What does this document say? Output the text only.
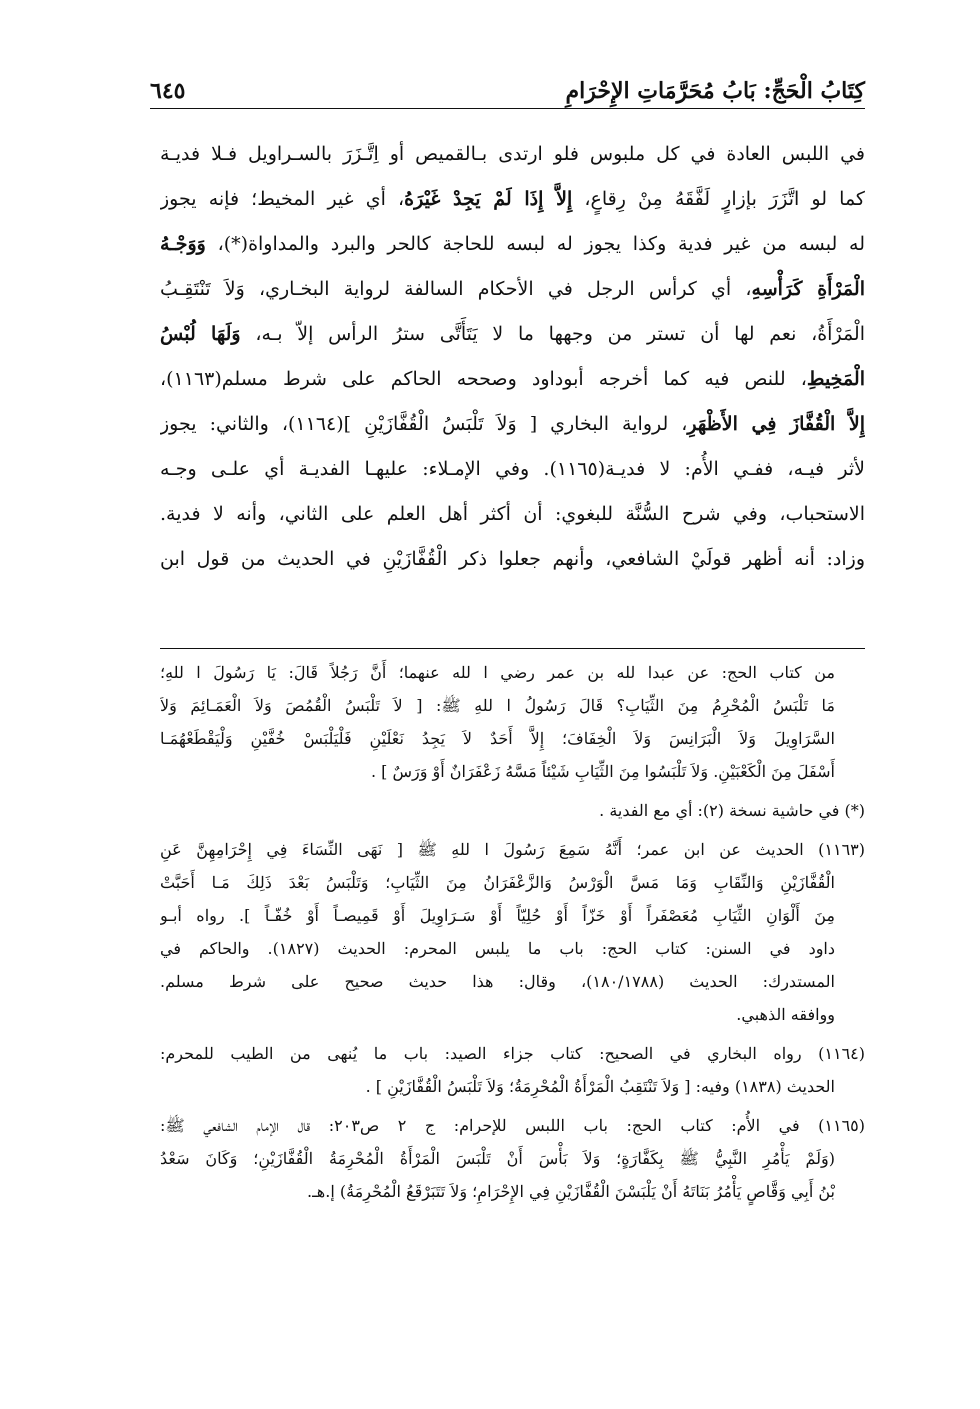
كِتَابُ الْحَجِّ: بَابُ مُحَرَّمَاتِ الإِحْرَامِ
٦٤٥
في اللبس العادة في كل ملبوس فلو ارتدى بـالقميص أو اِتَّـزَرَ بالسـراويل فـلا فديـة
كما لو اتَّزَرَ بإزارٍ لَفَّقَهُ مِنْ رِقاعٍ، إِلاَّ إِذَا لَمْ يَجِدْ غَيْرَهُ، أي غير المخيط؛ فإنه يجوز
له لبسه من غير فدية وكذا يجوز له لبسه للحاجة كالحر والبرد والمداواة(*)، وَوَجْـهُ
الْمَرْأَةِ كَرَأْسِهِ، أي كرأس الرجل في الأحكام السالفة لرواية البخـاري، وَلاَ تَنْتَقِـبُ
الْمَرْأَةُ، نعم لها أن تستر من وجهها ما لا يَتَأَتَّى سترُ الرأس إلاّ بـه، وَلَهَا لُبْسُ
الْمَخِيطِ، للنص فيه كما أخرجه أبوداود وصححه الحاكم على شرط مسلم(١١٦٣)،
إِلاَّ الْقُفَّازَ فِي الأَظْهَرِ، لرواية البخاري [ وَلاَ تَلْبَسُ الْقُفَّازَيْنِ ](١١٦٤)، والثاني: يجوز
لأثر فيـه، ففـي الأُم: لا فديـة(١١٦٥). وفي الإمـلاء: عليهـا الفديـة أي علـى وجـه
الاستحباب، وفي شرح السُّنَّة للبغوي: أن أكثر أهل العلم على الثاني، وأنه لا فدية.
وزاد: أنه أظهر قولَيْ الشافعي، وأنهم جعلوا ذكر الْقُفَّازَيْنِ في الحديث من قول ابن
من كتاب الحج: عن عبدا لله بن عمر رضي ا لله عنهما؛ أَنَّ رَجُلاً قَالَ: يَا رَسُولَ ا للهِ؛
مَا تَلْبَسُ الْمُحْرِمُ مِنَ الثِّيَابِ؟ قَالَ رَسُولُ ا للهِ ﷺ: [ لاَ تَلْبَسُ الْقُمُصَ وَلاَ الْعَمَـائِمَ وَلاَ
السَّرَاوِيلَ وَلاَ الْبَرَانِسَ وَلاَ الْخِفَافَ؛ إِلاَّ أَحَدٌ لاَ يَجِدُ نَعْلَيْنِ فَلْيَلْبَسْ خُفَّيْنِ وَلْيَقْطَعْهُمَـا
أَسْفَلَ مِنَ الْكَعْبَيْنِ. وَلاَ تَلْبَسُوا مِنَ الثِّيَابِ شَيْئاً مَسَّهُ زَعْفَرَانٌ أَوْ وَرَسٌ ] .
(*) في حاشية نسخة (٢): أي مع الفدية .
(١١٦٣) الحديث عن ابن عمر؛ أَنَّهُ سَمِعَ رَسُولَ ا للهِ ﷺ [ نَهَى النِّسَاءَ فِي إِحْرَامِهِنَّ عَنِ
الْقُفَّازَيْنِ وَالنِّقَابِ وَمَا مَسَّ الْوَرْسُ وَالزَّعْفَرَانُ مِنَ الثِّيَابِ؛ وَتَلْبَسُ بَعْدَ ذَلِكَ مَـا أَحَبَّتْ
مِنَ أَلْوَانِ الثِّيَابِ مُعَصْفَراً أَوْ خَزّاً أَوْ حُلِيّاً أَوْ سَـرَاوِيلَ أَوْ قَمِيصـاً أَوْ خُفّـاً ]. رواه أبـو
داود في السنن: كتاب الحج: باب ما يلبس المحرم: الحديث (١٨٢٧). والحاكم في
المستدرك: الحديث (١٨٠/١٧٨٨)، وقال: هذا حديث صحيح على شرط مسلم.
ووافقه الذهبي.
(١١٦٤) رواه البخاري في الصحيح: كتاب جزاء الصيد: باب ما يُنهى من الطيب للمحرم:
الحديث (١٨٣٨) وفيه: [ وَلاَ تَنْتَقِبُ الْمَرْأَةُ الْمُحْرِمَةُ؛ وَلاَ تَلْبَسُ الْقُفَّازَيْنِ ] .
(١١٦٥) في الأُم: كتاب الحج: باب اللبس للإحرام: ج ٢ ص٢٠٣: قال الإمام الشافعي ﷺ:
(وَلَمْ يَأْمُرِ النَّبِيُّ ﷺ بِكَفَّارَةٍ؛ وَلاَ بَأْسَ أَنْ تَلْبَسَ الْمَرْأَةُ الْمُحْرِمَةُ الْقُفَّازَيْنِ؛ وَكَانَ سَعْدُ
بْنُ أَبِي وَقَّاصٍ يَأْمُرُ بَنَاتَهُ أَنْ يَلْبَسْنَ الْقُفَّازَيْنِ فِي الإِحْرَامِ؛ وَلاَ تَتَبَرْقَعُ الْمُحْرِمَةُ) إ.هـ.
